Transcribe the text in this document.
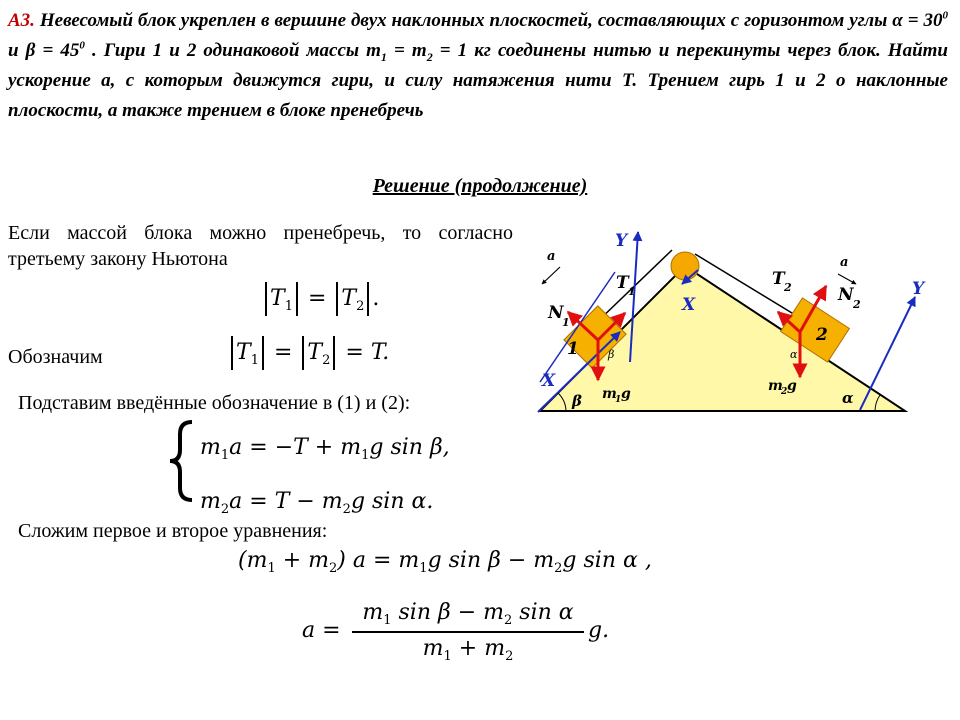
А3. Невесомый блок укреплен в вершине двух наклонных плоскостей, составляющих с горизонтом углы $\alpha = 30^0$ и $\beta = 45^0$ . Гири 1 и 2 одинаковой массы $m_1 = m_2 = 1$ кг соединены нитью и перекинуты через блок. Найти ускорение a, с которым движутся гири, и силу натяжения нити Т. Трением гирь 1 и 2 о наклонные плоскости, а также трением в блоке пренебречь

Решение (продолжение)

Если массой блока можно пренебречь, то согласно третьему закону Ньютона

$T_1 = T_2$ .

Обозначим	$T_1 = T_2 = T$.

Подставим введённые обозначение в (1) и (2):

$m_1a = -T + m_1g$ sin β,
$m_2a = T - m_2g$ sin α.

Сложим первое и второе уравнения:

$(m_1 + m_2) a = m_1g$ $\sin \beta - m_2g$ sin α ,
a =
$m_1$ $\sin \beta - m_2$ sin α
$m_1 + m_2$
g.
Y
Y
X
X
a	a
T 1
T 2
N
1
N 2
1
2
m
1 g	m
2 g
β	α
β	α
